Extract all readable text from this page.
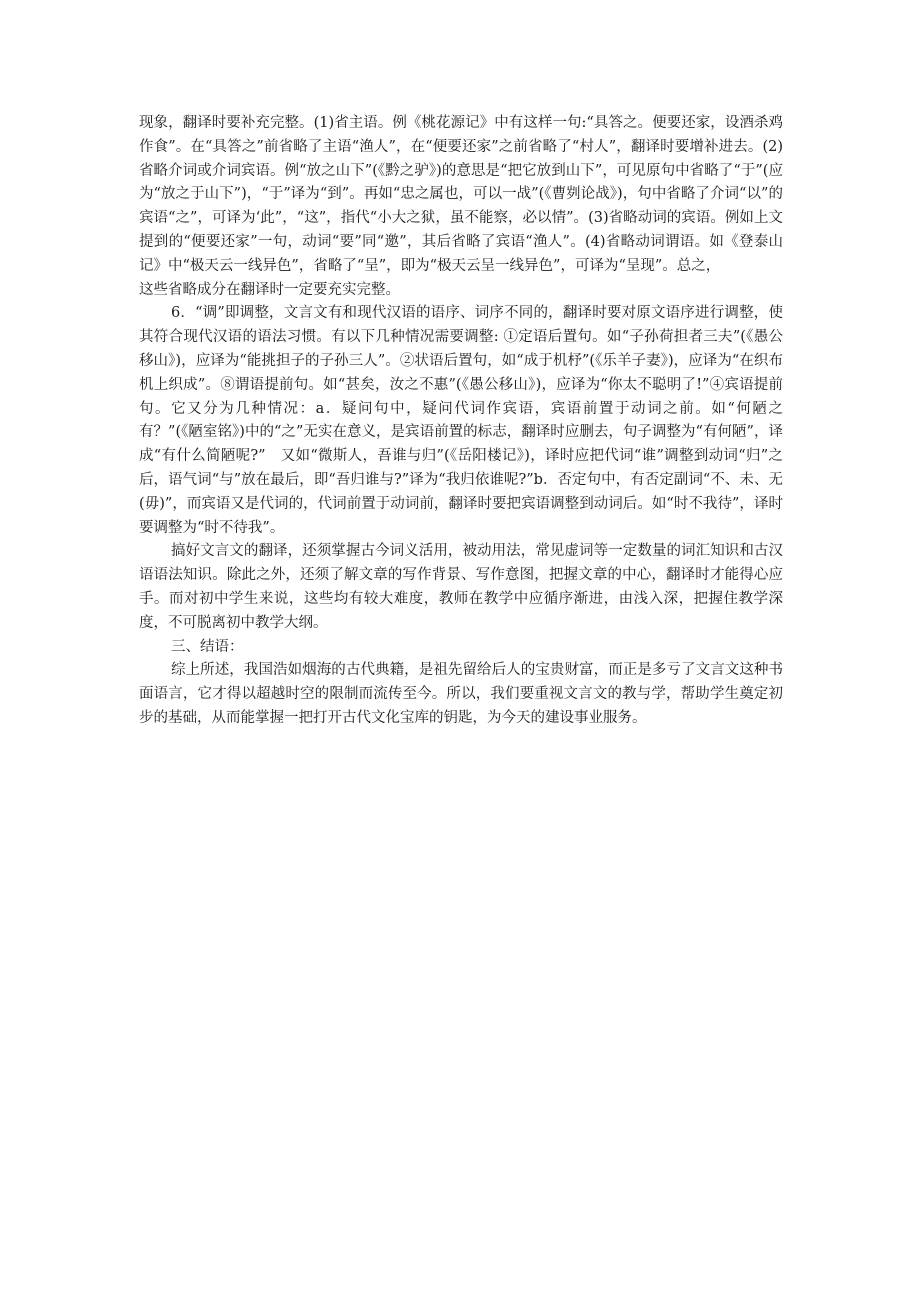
现象，翻译时要补充完整。(1)省主语。例《桃花源记》中有这样一句:“具答之。便要还家，设酒杀鸡作食”。在“具答之”前省略了主语“渔人”，在“便要还家”之前省略了“村人”，翻译时要增补进去。(2)省略介词或介词宾语。例“放之山下”(《黔之驴》)的意思是“把它放到山下”，可见原句中省略了“于”(应为“放之于山下”)，“于”译为“到”。再如“忠之属也，可以一战”(《曹刿论战》)，句中省略了介词“以”的宾语“之”，可译为‘此”，“这”，指代“小大之狱，虽不能察，必以情”。(3)省略动词的宾语。例如上文提到的“便要还家”一句，动词“要”同“邀”，其后省略了宾语“渔人”。(4)省略动词谓语。如《登泰山记》中“极天云一线异色”，省略了“呈”，即为“极天云呈一线异色”，可译为“呈现”。总之，

这些省略成分在翻译时一定要充实完整。

6．“调”即调整，文言文有和现代汉语的语序、词序不同的，翻译时要对原文语序进行调整，使其符合现代汉语的语法习惯。有以下几种情况需要调整: ①定语后置句。如“子孙荷担者三夫”(《愚公移山》)，应译为“能挑担子的子孙三人”。②状语后置句，如“成于机杼”(《乐羊子妻》)，应译为“在织布机上织成”。⑧谓语提前句。如“甚矣，汝之不惠”(《愚公移山》)，应译为“你太不聪明了!”④宾语提前句。它又分为几种情况：a．疑问句中，疑问代词作宾语，宾语前置于动词之前。如“何陋之有？”(《陋室铭》)中的“之”无实在意义，是宾语前置的标志，翻译时应删去，句子调整为“有何陋”，译成“有什么简陋呢?”　又如“微斯人，吾谁与归”(《岳阳楼记》)，译时应把代词“谁”调整到动词“归”之后，语气词“与”放在最后，即“吾归谁与?”译为“我归依谁呢?”b．否定句中，有否定副词“不、未、无(毋)”，而宾语又是代词的，代词前置于动词前，翻译时要把宾语调整到动词后。如“时不我待”，译时要调整为“时不待我”。

搞好文言文的翻译，还须掌握古今词义活用，被动用法，常见虚词等一定数量的词汇知识和古汉语语法知识。除此之外，还须了解文章的写作背景、写作意图，把握文章的中心，翻译时才能得心应手。而对初中学生来说，这些均有较大难度，教师在教学中应循序渐进，由浅入深，把握住教学深度，不可脱离初中教学大纲。

三、结语：

综上所述，我国浩如烟海的古代典籍，是祖先留给后人的宝贵财富，而正是多亏了文言文这种书面语言，它才得以超越时空的限制而流传至今。所以，我们要重视文言文的教与学，帮助学生奠定初步的基础，从而能掌握一把打开古代文化宝库的钥匙，为今天的建设事业服务。
